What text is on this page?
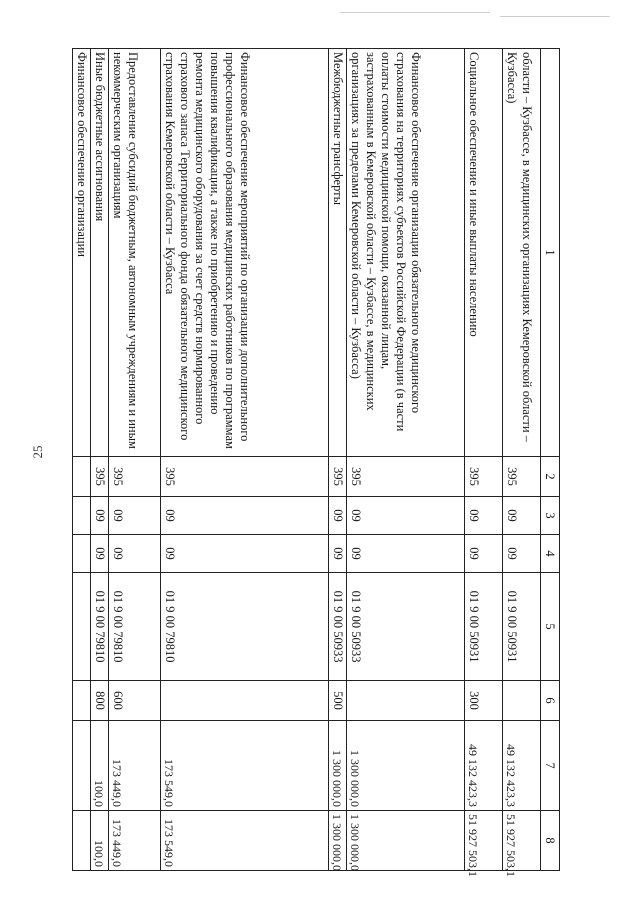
25
1	2	3	4	5	6	7	8
области – Кузбассе, в медицинских организациях Кемеровской области – Кузбасса)	395	09	09	01 9 00 50931		49 132 423,3	51 927 503,1
Социальное обеспечение и иные выплаты населению	395	09	09	01 9 00 50931	300	49 132 423,3	51 927 503,1
Финансовое обеспечение организации обязательного медицинского страхования на территориях субъектов Российской Федерации (в части оплаты стоимости медицинской помощи, оказанной лицам, застрахованным в Кемеровской области – Кузбассе, в медицинских организациях за пределами Кемеровской области – Кузбасса)	395	09	09	01 9 00 50933		1 300 000,0	1 300 000,0
Межбюджетные трансферты	395	09	09	01 9 00 50933	500	1 300 000,0	1 300 000,0
Финансовое обеспечение мероприятий по организации дополнительного профессионального образования медицинских работников по программам повышения квалификации, а также по приобретению и проведению ремонта медицинского оборудования за счет средств нормированного страхового запаса Территориального фонда обязательного медицинского страхования Кемеровской области – Кузбасса	395	09	09	01 9 00 79810		173 549,0	173 549,0
Предоставление субсидий бюджетным, автономным учреждениям и иным некоммерческим организациям	395	09	09	01 9 00 79810	600	173 449,0	173 449,0
Иные бюджетные ассигнования	395	09	09	01 9 00 79810	800	100,0	100,0
Финансовое обеспечение организации							
